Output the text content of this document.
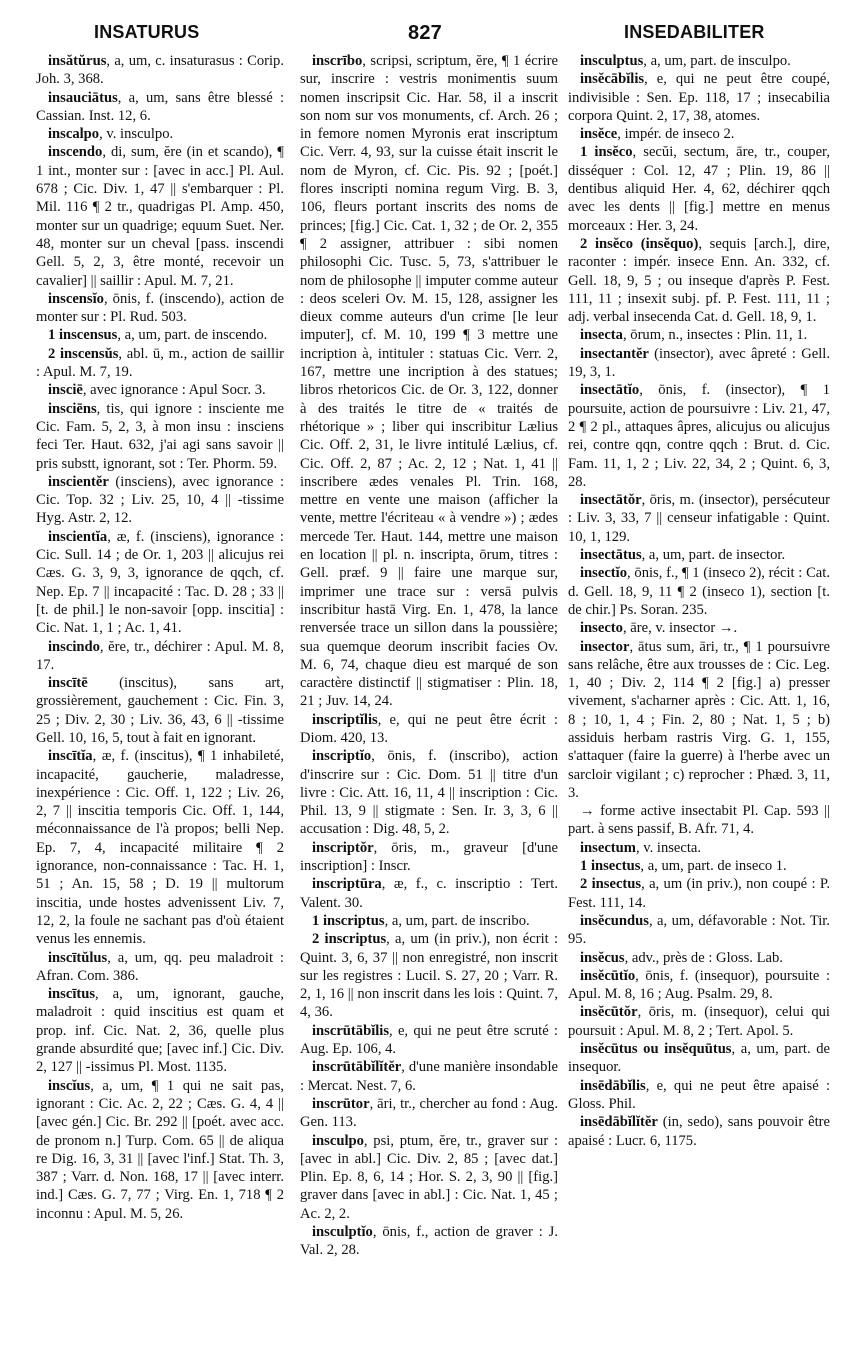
INSATURUS	827	INSEDABILITER

insătŭrus, a, um, c. insaturasus : Corip. Joh. 3, 368.

insauciātus, a, um, sans être blessé : Cassian. Inst. 12, 6.

inscalpo, v. insculpo.

inscendo, di, sum, ĕre (in et scando), ¶ 1 int., monter sur : [avec in acc.] Pl. Aul. 678 ; Cic. Div. 1, 47 || s'embarquer : Pl. Mil. 116 ¶ 2 tr., quadrigas Pl. Amp. 450, monter sur un quadrige; equum Suet. Ner. 48, monter sur un cheval [pass. inscendi Gell. 5, 2, 3, être monté, recevoir un cavalier] || saillir : Apul. M. 7, 21.

inscensĭo, ōnis, f. (inscendo), action de monter sur : Pl. Rud. 503.

1 inscensus, a, um, part. de inscendo.

2 inscensŭs, abl. ū, m., action de saillir : Apul. M. 7, 19.

insciē, avec ignorance : Apul Socr. 3.

insciēns, tis, qui ignore : insciente me Cic. Fam. 5, 2, 3, à mon insu : insciens feci Ter. Haut. 632, j'ai agi sans savoir || pris substt, ignorant, sot : Ter. Phorm. 59.

inscientĕr (insciens), avec ignorance : Cic. Top. 32 ; Liv. 25, 10, 4 || -tissime Hyg. Astr. 2, 12.

inscientĭa, æ, f. (insciens), ignorance : Cic. Sull. 14 ; de Or. 1, 203 || alicujus rei Cæs. G. 3, 9, 3, ignorance de qqch, cf. Nep. Ep. 7 || incapacité : Tac. D. 28 ; 33 || [t. de phil.] le non-savoir [opp. inscitia] : Cic. Nat. 1, 1 ; Ac. 1, 41.

inscindo, ĕre, tr., déchirer : Apul. M. 8, 17.

inscītē (inscitus), sans art, grossièrement, gauchement : Cic. Fin. 3, 25 ; Div. 2, 30 ; Liv. 36, 43, 6 || -tissime Gell. 10, 16, 5, tout à fait en ignorant.

inscītĭa, æ, f. (inscitus), ¶ 1 inhabileté, incapacité, gaucherie, maladresse, inexpérience : Cic. Off. 1, 122 ; Liv. 26, 2, 7 || inscitia temporis Cic. Off. 1, 144, méconnaissance de l'à propos; belli Nep. Ep. 7, 4, incapacité militaire ¶ 2 ignorance, non-connaissance : Tac. H. 1, 51 ; An. 15, 58 ; D. 19 || multorum inscitia, unde hostes advenissent Liv. 7, 12, 2, la foule ne sachant pas d'où étaient venus les ennemis.

inscītŭlus, a, um, qq. peu maladroit : Afran. Com. 386.

inscītus, a, um, ignorant, gauche, maladroit : quid inscitius est quam et prop. inf. Cic. Nat. 2, 36, quelle plus grande absurdité que; [avec inf.] Cic. Div. 2, 127 || -issimus Pl. Most. 1135.

inscĭus, a, um, ¶ 1 qui ne sait pas, ignorant : Cic. Ac. 2, 22 ; Cæs. G. 4, 4 || [avec gén.] Cic. Br. 292 || [poét. avec acc. de pronom n.] Turp. Com. 65 || de aliqua re Dig. 16, 3, 31 || [avec l'inf.] Stat. Th. 3, 387 ; Varr. d. Non. 168, 17 || [avec interr. ind.] Cæs. G. 7, 77 ; Virg. En. 1, 718 ¶ 2 inconnu : Apul. M. 5, 26.

inscrībo, scripsi, scriptum, ĕre, ¶ 1 écrire sur, inscrire : vestris monimentis suum nomen inscripsit Cic. Har. 58, il a inscrit son nom sur vos monuments, cf. Arch. 26 ; in femore nomen Myronis erat inscriptum Cic. Verr. 4, 93, sur la cuisse était inscrit le nom de Myron, cf. Cic. Pis. 92 ; [poét.] flores inscripti nomina regum Virg. B. 3, 106, fleurs portant inscrits des noms de princes; [fig.] Cic. Cat. 1, 32 ; de Or. 2, 355 ¶ 2 assigner, attribuer : sibi nomen philosophi Cic. Tusc. 5, 73, s'attribuer le nom de philosophe || imputer comme auteur : deos sceleri Ov. M. 15, 128, assigner les dieux comme auteurs d'un crime [le leur imputer], cf. M. 10, 199 ¶ 3 mettre une incription à, intituler : statuas Cic. Verr. 2, 167, mettre une incription à des statues; libros rhetoricos Cic. de Or. 3, 122, donner à des traités le titre de « traités de rhétorique » ; liber qui inscribitur Lælius Cic. Off. 2, 31, le livre intitulé Lælius, cf. Cic. Off. 2, 87 ; Ac. 2, 12 ; Nat. 1, 41 || inscribere ædes venales Pl. Trin. 168, mettre en vente une maison (afficher la vente, mettre l'écriteau « à vendre ») ; ædes mercede Ter. Haut. 144, mettre une maison en location || pl. n. inscripta, ōrum, titres : Gell. præf. 9 || faire une marque sur, imprimer une trace sur : versā pulvis inscribitur hastā Virg. En. 1, 478, la lance renversée trace un sillon dans la poussière; sua quemque deorum inscribit facies Ov. M. 6, 74, chaque dieu est marqué de son caractère distinctif || stigmatiser : Plin. 18, 21 ; Juv. 14, 24.

inscriptĭlis, e, qui ne peut être écrit : Diom. 420, 13.

inscriptĭo, ōnis, f. (inscribo), action d'inscrire sur : Cic. Dom. 51 || titre d'un livre : Cic. Att. 16, 11, 4 || inscription : Cic. Phil. 13, 9 || stigmate : Sen. Ir. 3, 3, 6 || accusation : Dig. 48, 5, 2.

inscriptŏr, ōris, m., graveur [d'une inscription] : Inscr.

inscriptūra, æ, f., c. inscriptio : Tert. Valent. 30.

1 inscriptus, a, um, part. de inscribo.

2 inscriptus, a, um (in priv.), non écrit : Quint. 3, 6, 37 || non enregistré, non inscrit sur les registres : Lucil. S. 27, 20 ; Varr. R. 2, 1, 16 || non inscrit dans les lois : Quint. 7, 4, 36.

inscrūtābĭlis, e, qui ne peut être scruté : Aug. Ep. 106, 4.

inscrūtābĭlĭtĕr, d'une manière insondable : Mercat. Nest. 7, 6.

inscrūtor, āri, tr., chercher au fond : Aug. Gen. 113.

insculpo, psi, ptum, ĕre, tr., graver sur : [avec in abl.] Cic. Div. 2, 85 ; [avec dat.] Plin. Ep. 8, 6, 14 ; Hor. S. 2, 3, 90 || [fig.] graver dans [avec in abl.] : Cic. Nat. 1, 45 ; Ac. 2, 2.

insculptĭo, ōnis, f., action de graver : J. Val. 2, 28.

insculptus, a, um, part. de insculpo.

insĕcābĭlis, e, qui ne peut être coupé, indivisible : Sen. Ep. 118, 17 ; insecabilia corpora Quint. 2, 17, 38, atomes.

insĕce, impér. de inseco 2.

1 insĕco, secŭi, sectum, āre, tr., couper, disséquer : Col. 12, 47 ; Plin. 19, 86 || dentibus aliquid Her. 4, 62, déchirer qqch avec les dents || [fig.] mettre en menus morceaux : Her. 3, 24.

2 insĕco (insĕquo), sequis [arch.], dire, raconter : impér. insece Enn. An. 332, cf. Gell. 18, 9, 5 ; ou inseque d'après P. Fest. 111, 11 ; insexit subj. pf. P. Fest. 111, 11 ; adj. verbal insecenda Cat. d. Gell. 18, 9, 1.

insecta, ōrum, n., insectes : Plin. 11, 1.

insectantĕr (insector), avec âpreté : Gell. 19, 3, 1.

insectātĭo, ōnis, f. (insector), ¶ 1 poursuite, action de poursuivre : Liv. 21, 47, 2 ¶ 2 pl., attaques âpres, alicujus ou alicujus rei, contre qqn, contre qqch : Brut. d. Cic. Fam. 11, 1, 2 ; Liv. 22, 34, 2 ; Quint. 6, 3, 28.

insectātŏr, ōris, m. (insector), persécuteur : Liv. 3, 33, 7 || censeur infatigable : Quint. 10, 1, 129.

insectātus, a, um, part. de insector.

insectĭo, ōnis, f., ¶ 1 (inseco 2), récit : Cat. d. Gell. 18, 9, 11 ¶ 2 (inseco 1), section [t. de chir.] Ps. Soran. 235.

insecto, āre, v. insector →.

insector, ātus sum, āri, tr., ¶ 1 poursuivre sans relâche, être aux trousses de : Cic. Leg. 1, 40 ; Div. 2, 114 ¶ 2 [fig.] a) presser vivement, s'acharner après : Cic. Att. 1, 16, 8 ; 10, 1, 4 ; Fin. 2, 80 ; Nat. 1, 5 ; b) assiduis herbam rastris Virg. G. 1, 155, s'attaquer (faire la guerre) à l'herbe avec un sarcloir vigilant ; c) reprocher : Phæd. 3, 11, 3.

→ forme active insectabit Pl. Cap. 593 || part. à sens passif, B. Afr. 71, 4.

insectum, v. insecta.

1 insectus, a, um, part. de inseco 1.

2 insectus, a, um (in priv.), non coupé : P. Fest. 111, 14.

insĕcundus, a, um, défavorable : Not. Tir. 95.

insĕcus, adv., près de : Gloss. Lab.

insĕcūtĭo, ōnis, f. (insequor), poursuite : Apul. M. 8, 16 ; Aug. Psalm. 29, 8.

insĕcūtŏr, ōris, m. (insequor), celui qui poursuit : Apul. M. 8, 2 ; Tert. Apol. 5.

insĕcūtus ou insĕquūtus, a, um, part. de insequor.

insēdābĭlis, e, qui ne peut être apaisé : Gloss. Phil.

insēdābĭlĭtĕr (in, sedo), sans pouvoir être apaisé : Lucr. 6, 1175.
